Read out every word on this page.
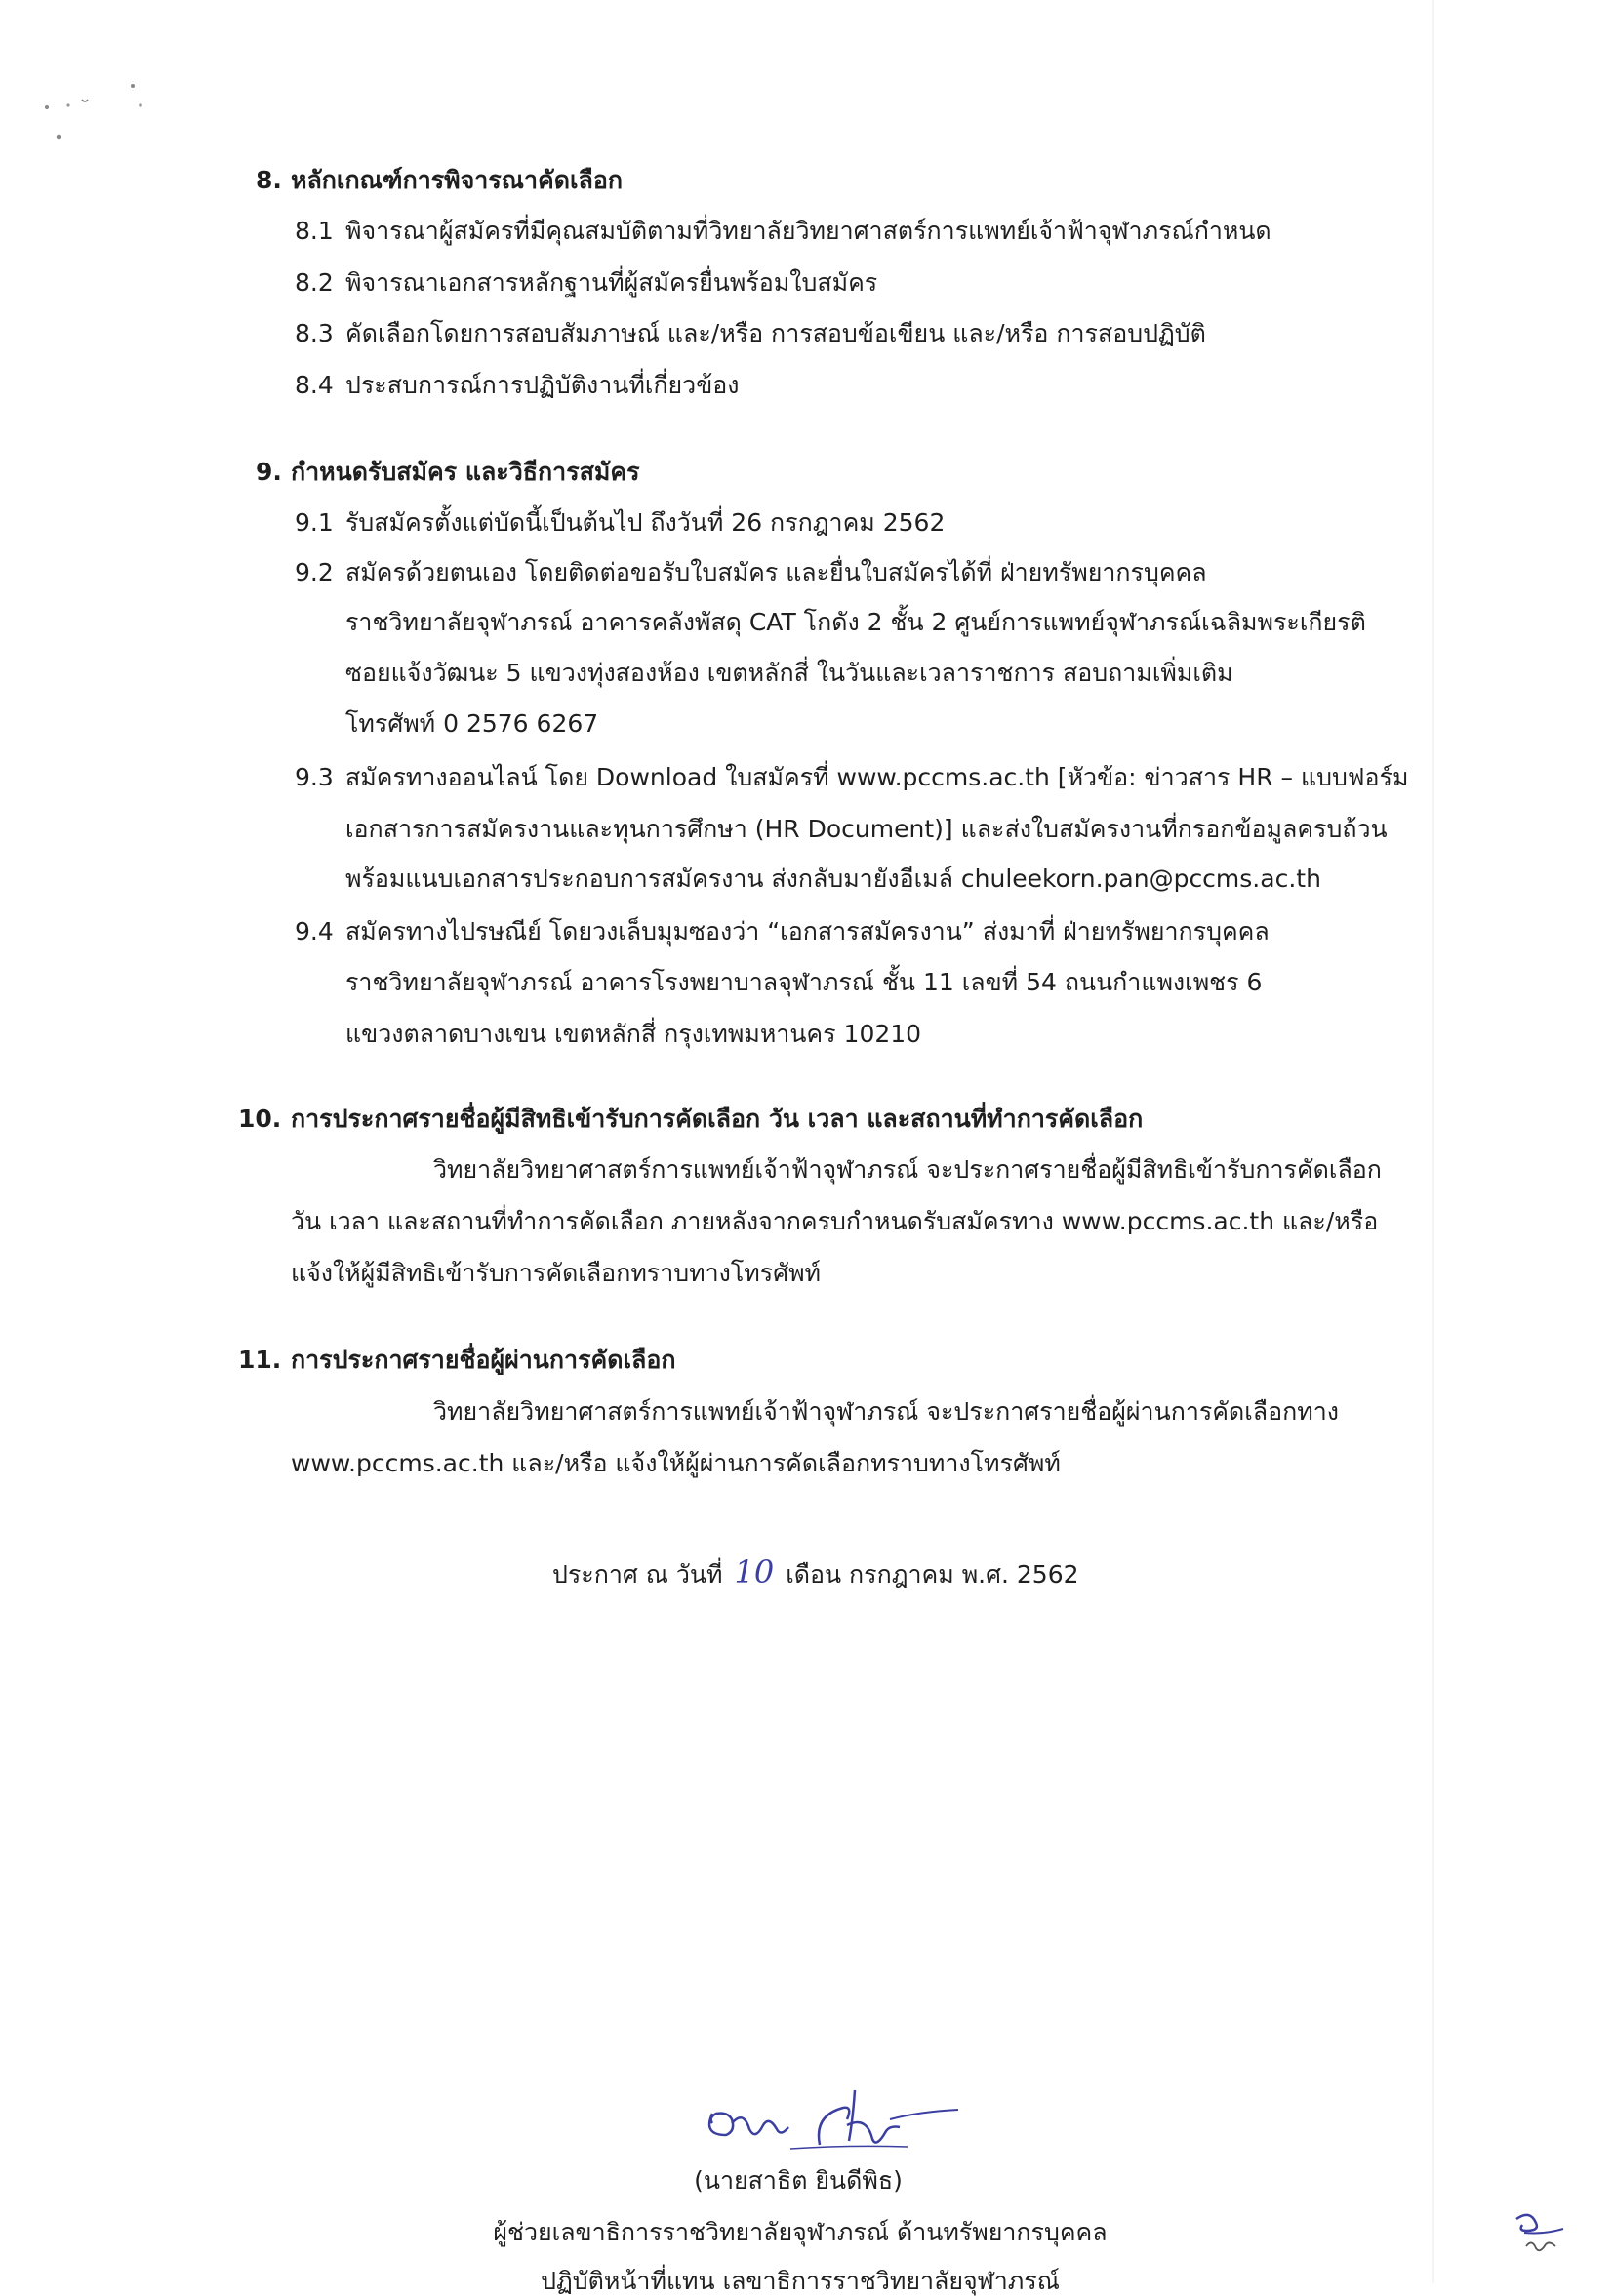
8. หลักเกณฑ์การพิจารณาคัดเลือก
8.1 พิจารณาผู้สมัครที่มีคุณสมบัติตามที่วิทยาลัยวิทยาศาสตร์การแพทย์เจ้าฟ้าจุฬาภรณ์กำหนด
8.2 พิจารณาเอกสารหลักฐานที่ผู้สมัครยื่นพร้อมใบสมัคร
8.3 คัดเลือกโดยการสอบสัมภาษณ์ และ/หรือ การสอบข้อเขียน และ/หรือ การสอบปฏิบัติ
8.4 ประสบการณ์การปฏิบัติงานที่เกี่ยวข้อง
9. กำหนดรับสมัคร และวิธีการสมัคร
9.1 รับสมัครตั้งแต่บัดนี้เป็นต้นไป ถึงวันที่ 26 กรกฎาคม 2562
9.2 สมัครด้วยตนเอง โดยติดต่อขอรับใบสมัคร และยื่นใบสมัครได้ที่ ฝ่ายทรัพยากรบุคคล
ราชวิทยาลัยจุฬาภรณ์ อาคารคลังพัสดุ CAT โกดัง 2 ชั้น 2 ศูนย์การแพทย์จุฬาภรณ์เฉลิมพระเกียรติ
ซอยแจ้งวัฒนะ 5 แขวงทุ่งสองห้อง เขตหลักสี่ ในวันและเวลาราชการ สอบถามเพิ่มเติม
โทรศัพท์ 0 2576 6267
9.3 สมัครทางออนไลน์ โดย Download ใบสมัครที่ www.pccms.ac.th [หัวข้อ: ข่าวสาร HR – แบบฟอร์ม
เอกสารการสมัครงานและทุนการศึกษา (HR Document)] และส่งใบสมัครงานที่กรอกข้อมูลครบถ้วน
พร้อมแนบเอกสารประกอบการสมัครงาน ส่งกลับมายังอีเมล์ chuleekorn.pan@pccms.ac.th
9.4 สมัครทางไปรษณีย์ โดยวงเล็บมุมซองว่า “เอกสารสมัครงาน” ส่งมาที่ ฝ่ายทรัพยากรบุคคล
ราชวิทยาลัยจุฬาภรณ์ อาคารโรงพยาบาลจุฬาภรณ์ ชั้น 11 เลขที่ 54 ถนนกำแพงเพชร 6
แขวงตลาดบางเขน เขตหลักสี่ กรุงเทพมหานคร 10210
10. การประกาศรายชื่อผู้มีสิทธิเข้ารับการคัดเลือก วัน เวลา และสถานที่ทำการคัดเลือก
วิทยาลัยวิทยาศาสตร์การแพทย์เจ้าฟ้าจุฬาภรณ์ จะประกาศรายชื่อผู้มีสิทธิเข้ารับการคัดเลือก
วัน เวลา และสถานที่ทำการคัดเลือก ภายหลังจากครบกำหนดรับสมัครทาง www.pccms.ac.th และ/หรือ
แจ้งให้ผู้มีสิทธิเข้ารับการคัดเลือกทราบทางโทรศัพท์
11. การประกาศรายชื่อผู้ผ่านการคัดเลือก
วิทยาลัยวิทยาศาสตร์การแพทย์เจ้าฟ้าจุฬาภรณ์ จะประกาศรายชื่อผู้ผ่านการคัดเลือกทาง
www.pccms.ac.th และ/หรือ แจ้งให้ผู้ผ่านการคัดเลือกทราบทางโทรศัพท์
ประกาศ ณ วันที่ 10 เดือน กรกฎาคม พ.ศ. 2562
(นายสาธิต ยินดีพิธ)
ผู้ช่วยเลขาธิการราชวิทยาลัยจุฬาภรณ์ ด้านทรัพยากรบุคคล
ปฏิบัติหน้าที่แทน เลขาธิการราชวิทยาลัยจุฬาภรณ์
